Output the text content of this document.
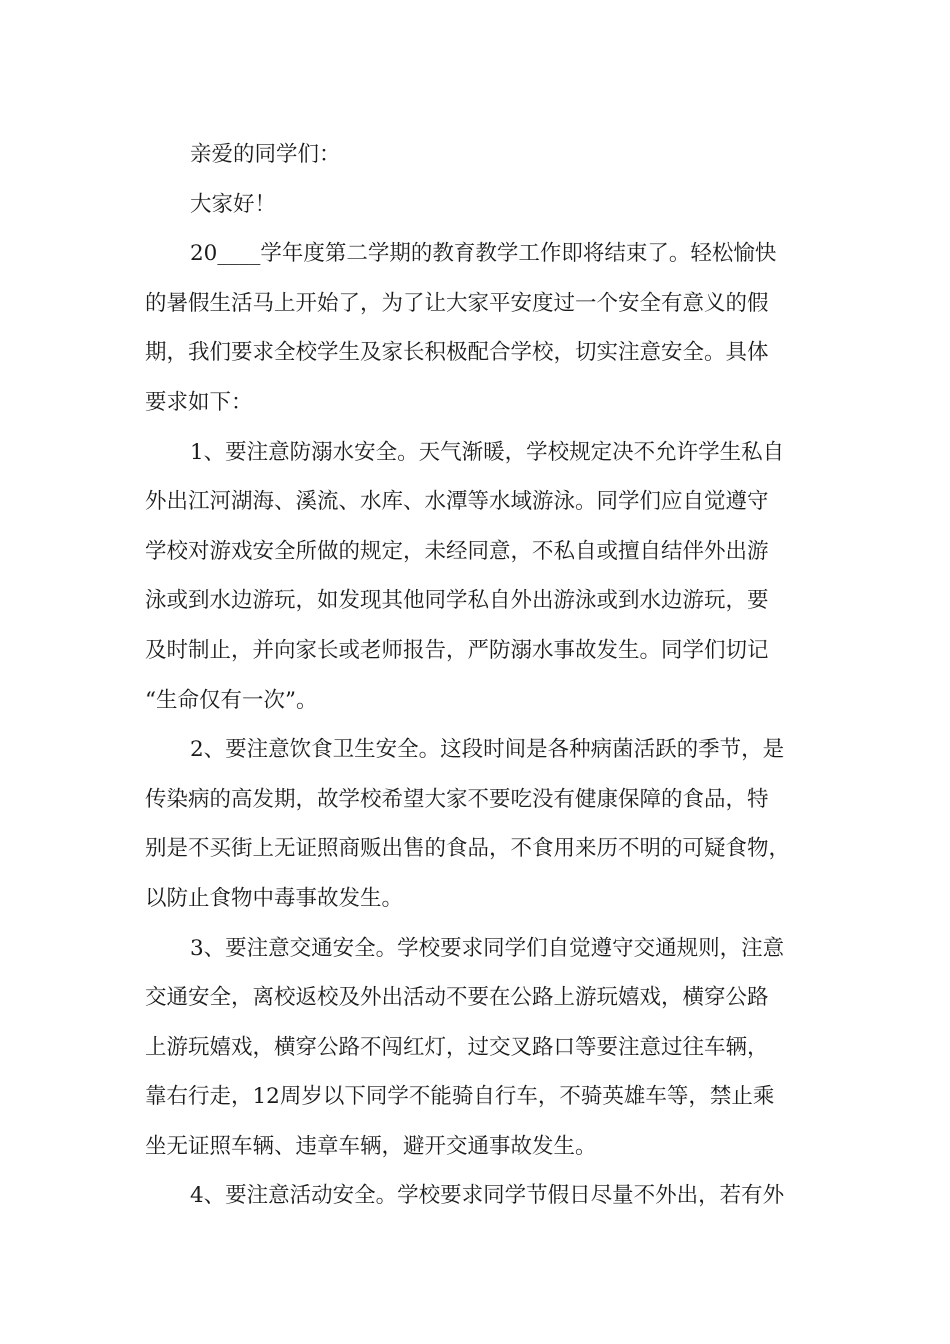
亲爱的同学们：

大家好！

20____学年度第二学期的教育教学工作即将结束了。轻松愉快

的暑假生活马上开始了，为了让大家平安度过一个安全有意义的假

期，我们要求全校学生及家长积极配合学校，切实注意安全。具体

要求如下：

1、要注意防溺水安全。天气渐暖，学校规定决不允许学生私自

外出江河湖海、溪流、水库、水潭等水域游泳。同学们应自觉遵守

学校对游戏安全所做的规定，未经同意，不私自或擅自结伴外出游

泳或到水边游玩，如发现其他同学私自外出游泳或到水边游玩，要

及时制止，并向家长或老师报告，严防溺水事故发生。同学们切记

“生命仅有一次”。

2、要注意饮食卫生安全。这段时间是各种病菌活跃的季节，是

传染病的高发期，故学校希望大家不要吃没有健康保障的食品，特

别是不买街上无证照商贩出售的食品，不食用来历不明的可疑食物，

以防止食物中毒事故发生。

3、要注意交通安全。学校要求同学们自觉遵守交通规则，注意

交通安全，离校返校及外出活动不要在公路上游玩嬉戏，横穿公路

上游玩嬉戏，横穿公路不闯红灯，过交叉路口等要注意过往车辆，

靠右行走，12周岁以下同学不能骑自行车，不骑英雄车等，禁止乘

坐无证照车辆、违章车辆，避开交通事故发生。

4、要注意活动安全。学校要求同学节假日尽量不外出，若有外
